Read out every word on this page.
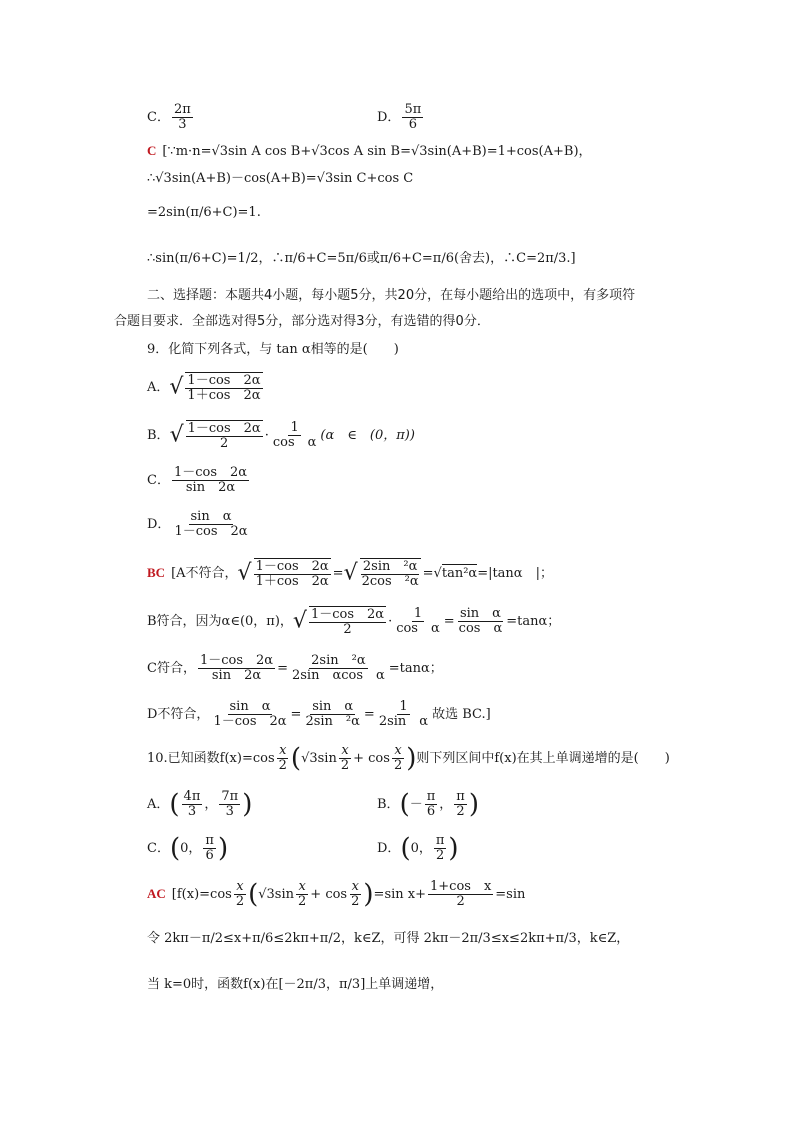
C． $\frac{2\pi}{3}$	D． $\frac{5\pi}{6}$
C [∵m·n=√3sin A cos B+√3cos A sin B=√3sin(A+B)=1+cos(A+B)，
∴√3sin(A+B)－cos(A+B)=√3sin C+cos C
=2sin(π/6+C)=1.
∴sin(π/6+C)=1/2，∴π/6+C=5π/6或π/6+C=π/6(舍去)，∴C=2π/3.]
二、选择题：本题共4小题，每小题5分，共20分，在每小题给出的选项中，有多项符
合题目要求．全部选对得5分，部分选对得3分，有选错的得0分．
9．化简下列各式，与 tan α相等的是(　　)
A．√ $\frac{1-\cos 2\alpha}{1+\cos 2\alpha}$
B．√ $\frac{1-\cos 2\alpha}{2} \cdot \frac{1}{\text{cos　α}} (\alpha$　∈　(0，π))
C． $\frac{1-\cos 2\alpha}{\sin 2\alpha}$
D． $\frac{\text{sin　α}}{1-\cos 2\alpha}$
BC [A不符合，√ $\frac{1-\cos 2\alpha}{1+\cos 2\alpha}$ =√ $\frac{\text{2sin　²α}}{\text{2cos　²α}} =√\tan^2\alpha=|\tan\alpha$　|；
B符合，因为α∈(0，π)，√ $\frac{1-\cos 2\alpha}{2} \cdot \frac{1}{\text{cos　α}} = \frac{\text{sin　α}}{\text{cos　α}} =\tan\alpha$；
C符合， $\frac{1-\cos 2\alpha}{\sin 2\alpha} = \frac{\text{2sin　²α}}{\text{2sin　αcos　α}} =\tan\alpha$；
D不符合， $\frac{\text{sin　α}}{1-\cos 2\alpha} = \frac{\text{sin　α}}{\text{2sin　²α}} = \frac{1}{\text{2sin　α}}$ 故选 BC.]
10.已知函数$f(x)=\cos \frac{x}{2} (√3\sin \frac{x}{2} + \cos \frac{x}{2}$ )则下列区间中f(x)在其上单调递增的是(　　)
A．( $\frac{4\pi}{3}$ ， $\frac{7\pi}{3}$ )	B．(－ $\frac{\pi}{6}$ ， $\frac{\pi}{2}$ )
C．(0， $\frac{\pi}{6}$ )	D．(0， $\frac{\pi}{2}$ )
AC [$f(x)=\cos \frac{x}{2} (√3\sin \frac{x}{2} + \cos \frac{x}{2} )=\sin$ $x+ \frac{\text{1+cos　x}}{2} =\sin$
令 2kπ－π/2≤x+π/6≤2kπ+π/2，k∈Z，可得 2kπ－2π/3≤x≤2kπ+π/3，k∈Z，
当 k=0时，函数f(x)在[－2π/3，π/3]上单调递增，
